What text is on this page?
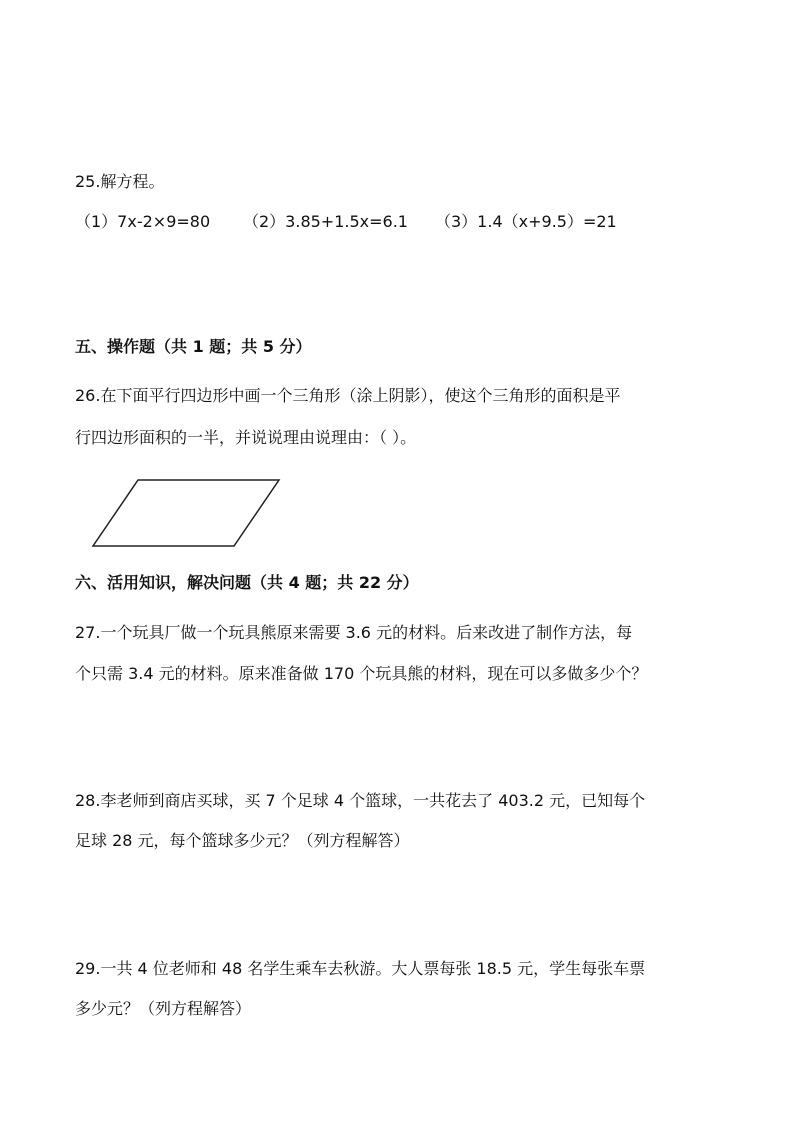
25.解方程。
（1）7x-2×9=80 （2）3.85+1.5x=6.1 （3）1.4（x+9.5）=21
五、操作题（共 1 题；共 5 分）
26.在下面平行四边形中画一个三角形（涂上阴影），使这个三角形的面积是平
行四边形面积的一半，并说说理由说理由：（ ）。
六、活用知识，解决问题（共 4 题；共 22 分）
27.一个玩具厂做一个玩具熊原来需要 3.6 元的材料。后来改进了制作方法，每
个只需 3.4 元的材料。原来准备做 170 个玩具熊的材料，现在可以多做多少个？
28.李老师到商店买球，买 7 个足球 4 个篮球，一共花去了 403.2 元，已知每个
足球 28 元，每个篮球多少元？（列方程解答）
29.一共 4 位老师和 48 名学生乘车去秋游。大人票每张 18.5 元，学生每张车票
多少元？（列方程解答）
